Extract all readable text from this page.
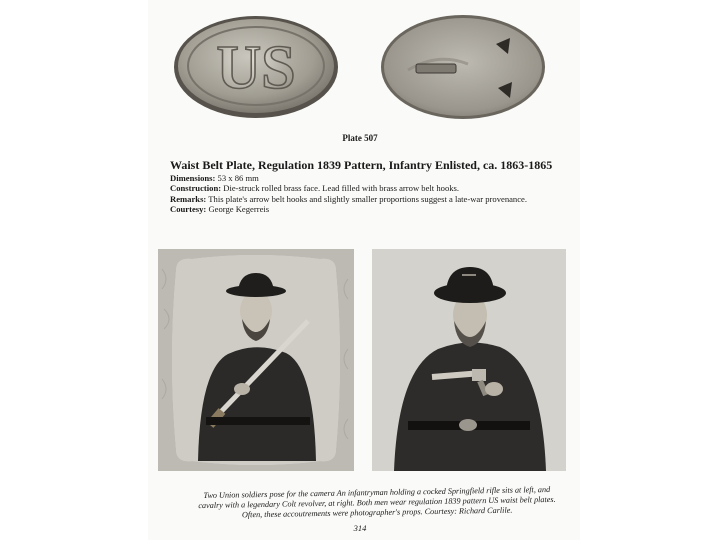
US
Plate 507
Waist Belt Plate, Regulation 1839 Pattern, Infantry Enlisted, ca. 1863-1865
Dimensions: 53 x 86 mm
Construction: Die-struck rolled brass face. Lead filled with brass arrow belt hooks.
Remarks: This plate's arrow belt hooks and slightly smaller proportions suggest a late-war provenance.
Courtesy: George Kegerreis
Two Union soldiers pose for the camera An infantryman holding a cocked Springfield rifle sits at left, and cavalry with a legendary Colt revolver, at right. Both men wear regulation 1839 pattern US waist belt plates. Often, these accoutrements were photographer's props. Courtesy: Richard Carlile.
314
